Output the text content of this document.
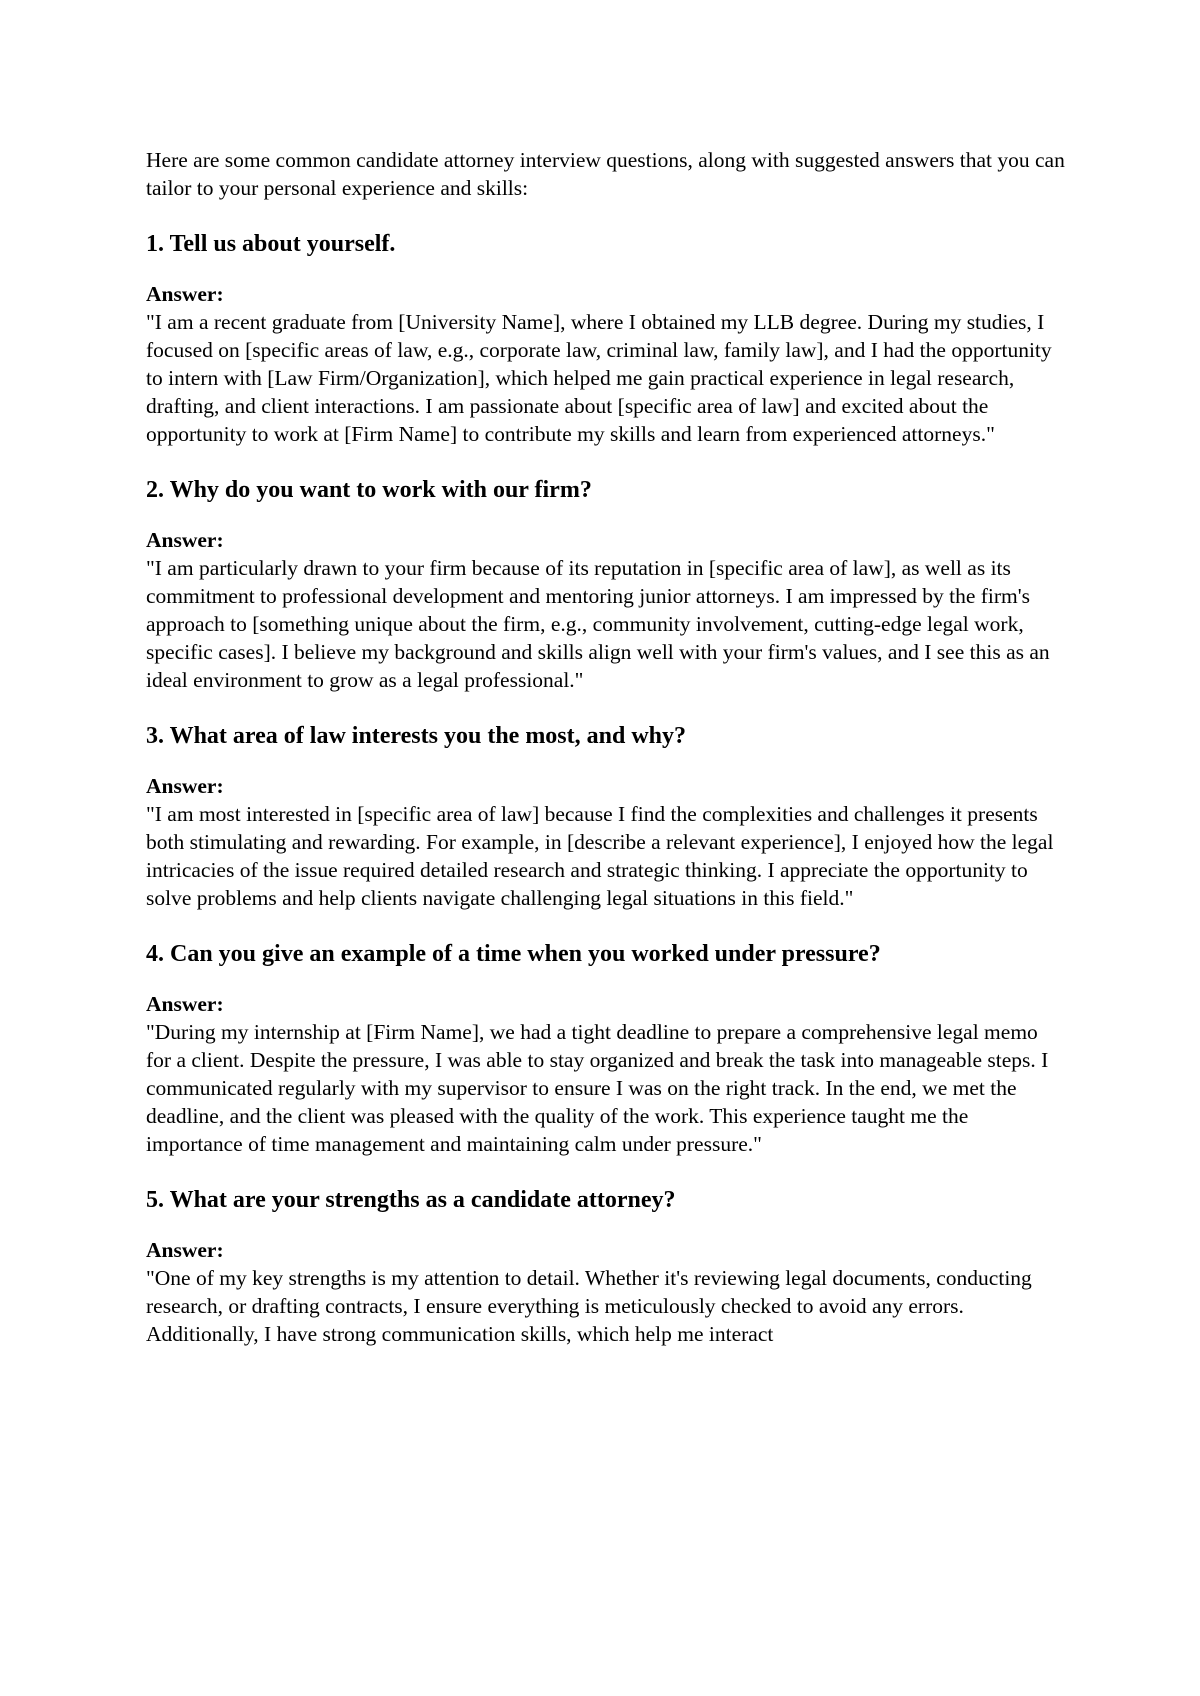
Here are some common candidate attorney interview questions, along with suggested answers that you can tailor to your personal experience and skills:

1. Tell us about yourself.

Answer:

"I am a recent graduate from [University Name], where I obtained my LLB degree. During my studies, I focused on [specific areas of law, e.g., corporate law, criminal law, family law], and I had the opportunity to intern with [Law Firm/Organization], which helped me gain practical experience in legal research, drafting, and client interactions. I am passionate about [specific area of law] and excited about the opportunity to work at [Firm Name] to contribute my skills and learn from experienced attorneys."

2. Why do you want to work with our firm?

Answer:

"I am particularly drawn to your firm because of its reputation in [specific area of law], as well as its commitment to professional development and mentoring junior attorneys. I am impressed by the firm's approach to [something unique about the firm, e.g., community involvement, cutting-edge legal work, specific cases]. I believe my background and skills align well with your firm's values, and I see this as an ideal environment to grow as a legal professional."

3. What area of law interests you the most, and why?

Answer:

"I am most interested in [specific area of law] because I find the complexities and challenges it presents both stimulating and rewarding. For example, in [describe a relevant experience], I enjoyed how the legal intricacies of the issue required detailed research and strategic thinking. I appreciate the opportunity to solve problems and help clients navigate challenging legal situations in this field."

4. Can you give an example of a time when you worked under pressure?

Answer:

"During my internship at [Firm Name], we had a tight deadline to prepare a comprehensive legal memo for a client. Despite the pressure, I was able to stay organized and break the task into manageable steps. I communicated regularly with my supervisor to ensure I was on the right track. In the end, we met the deadline, and the client was pleased with the quality of the work. This experience taught me the importance of time management and maintaining calm under pressure."

5. What are your strengths as a candidate attorney?

Answer:

"One of my key strengths is my attention to detail. Whether it's reviewing legal documents, conducting research, or drafting contracts, I ensure everything is meticulously checked to avoid any errors. Additionally, I have strong communication skills, which help me interact
